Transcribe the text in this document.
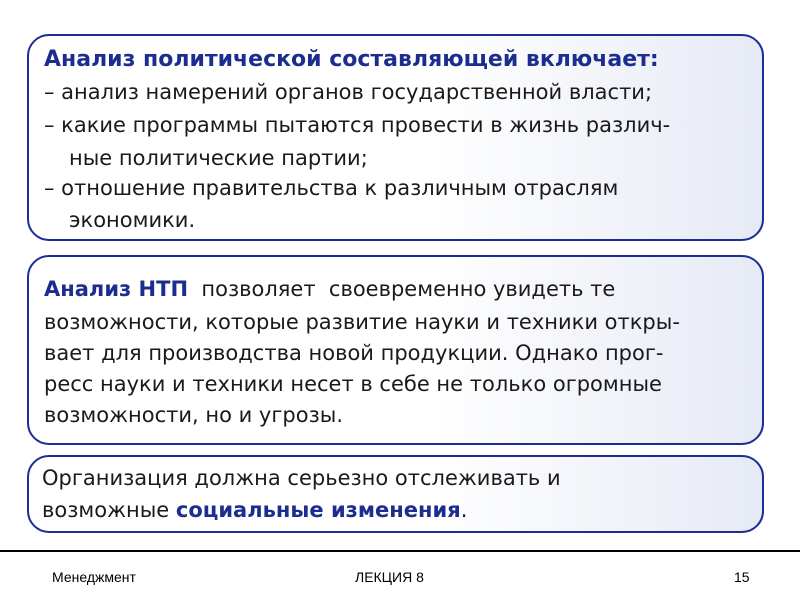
Анализ политической составляющей включает:
– анализ намерений органов государственной власти;
– какие программы пытаются провести в жизнь различ-
ные политические партии;
– отношение правительства к различным отраслям
экономики.
Анализ НТП  позволяет  своевременно увидеть те
возможности, которые развитие науки и техники откры-
вает для производства новой продукции. Однако прог-
ресс науки и техники несет в себе не только огромные
возможности, но и угрозы.
Организация должна серьезно отслеживать и
возможные социальные изменения.
Менеджмент	ЛЕКЦИЯ 8	15
